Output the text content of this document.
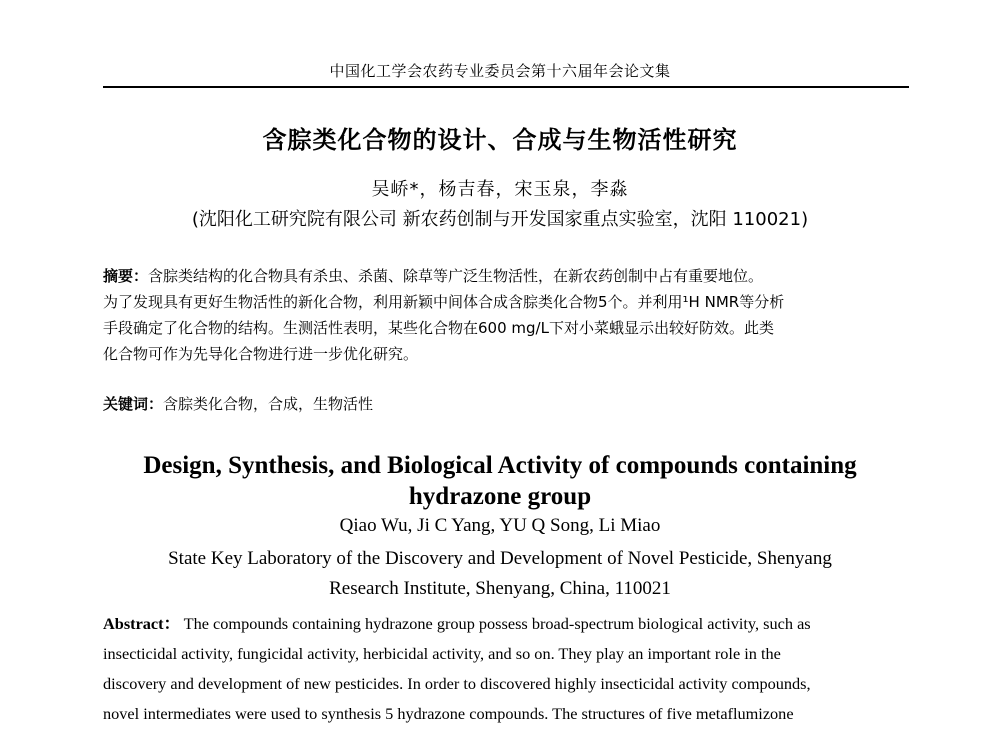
中国化工学会农药专业委员会第十六届年会论文集
含腙类化合物的设计、合成与生物活性研究
吴峤*，杨吉春，宋玉泉，李淼
(沈阳化工研究院有限公司 新农药创制与开发国家重点实验室，沈阳 110021)

摘要：含腙类结构的化合物具有杀虫、杀菌、除草等广泛生物活性，在新农药创制中占有重要地位。

为了发现具有更好生物活性的新化合物，利用新颖中间体合成含腙类化合物5个。并利用¹H NMR等分析

手段确定了化合物的结构。生测活性表明，某些化合物在600 mg/L下对小菜蛾显示出较好防效。此类

化合物可作为先导化合物进行进一步优化研究。

关键词：含腙类化合物，合成，生物活性
Design, Synthesis, and Biological Activity of compounds containing
hydrazone group
Qiao Wu, Ji C Yang, YU Q Song, Li Miao
State Key Laboratory of the Discovery and Development of Novel Pesticide, Shenyang
Research Institute, Shenyang, China, 110021

Abstract： The compounds containing hydrazone group possess broad-spectrum biological activity, such as

insecticidal activity, fungicidal activity, herbicidal activity, and so on. They play an important role in the

discovery and development of new pesticides. In order to discovered highly insecticidal activity compounds,

novel intermediates were used to synthesis 5 hydrazone compounds. The structures of five metaflumizone
